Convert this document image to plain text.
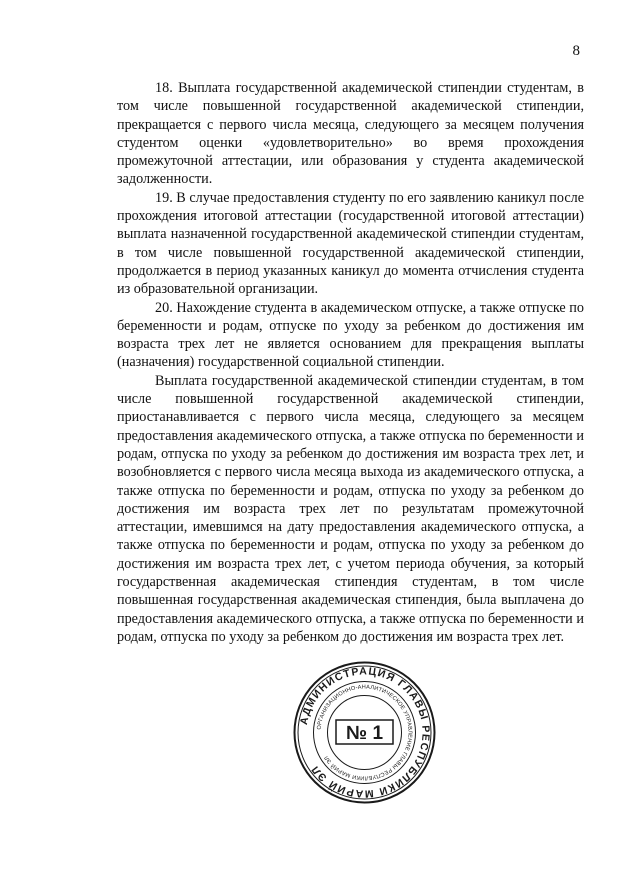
8

18. Выплата государственной академической стипендии студентам, в том числе повышенной государственной академической стипендии, прекращается с первого числа месяца, следующего за месяцем получения студентом оценки «удовлетворительно» во время прохождения промежуточной аттестации, или образования у студента академической задолженности.

19. В случае предоставления студенту по его заявлению каникул после прохождения итоговой аттестации (государственной итоговой аттестации) выплата назначенной государственной академической стипендии студентам, в том числе повышенной государственной академической стипендии, продолжается в период указанных каникул до момента отчисления студента из образовательной организации.

20. Нахождение студента в академическом отпуске, а также отпуске по беременности и родам, отпуске по уходу за ребенком до достижения им возраста трех лет не является основанием для прекращения выплаты (назначения) государственной социальной стипендии.

Выплата государственной академической стипендии студентам, в том числе повышенной государственной академической стипендии, приостанавливается с первого числа месяца, следующего за месяцем предоставления академического отпуска, а также отпуска по беременности и родам, отпуска по уходу за ребенком до достижения им возраста трех лет, и возобновляется с первого числа месяца выхода из академического отпуска, а также отпуска по беременности и родам, отпуска по уходу за ребенком до достижения им возраста трех лет по результатам промежуточной аттестации, имевшимся на дату предоставления академического отпуска, а также отпуска по беременности и родам, отпуска по уходу за ребенком до достижения им возраста трех лет, с учетом периода обучения, за который государственная академическая стипендия студентам, в том числе повышенная государственная академическая стипендия, была выплачена до предоставления академического отпуска, а также отпуска по беременности и родам, отпуска по уходу за ребенком до достижения им возраста трех лет.

АДМИНИСТРАЦИЯ ГЛАВЫ РЕСПУБЛИКИ МАРИЙ ЭЛ
ОРГАНИЗАЦИОННО-АНАЛИТИЧЕСКОЕ УПРАВЛЕНИЕ ГЛАВЫ РЕСПУБЛИКИ МАРИЙ ЭЛ
№ 1
